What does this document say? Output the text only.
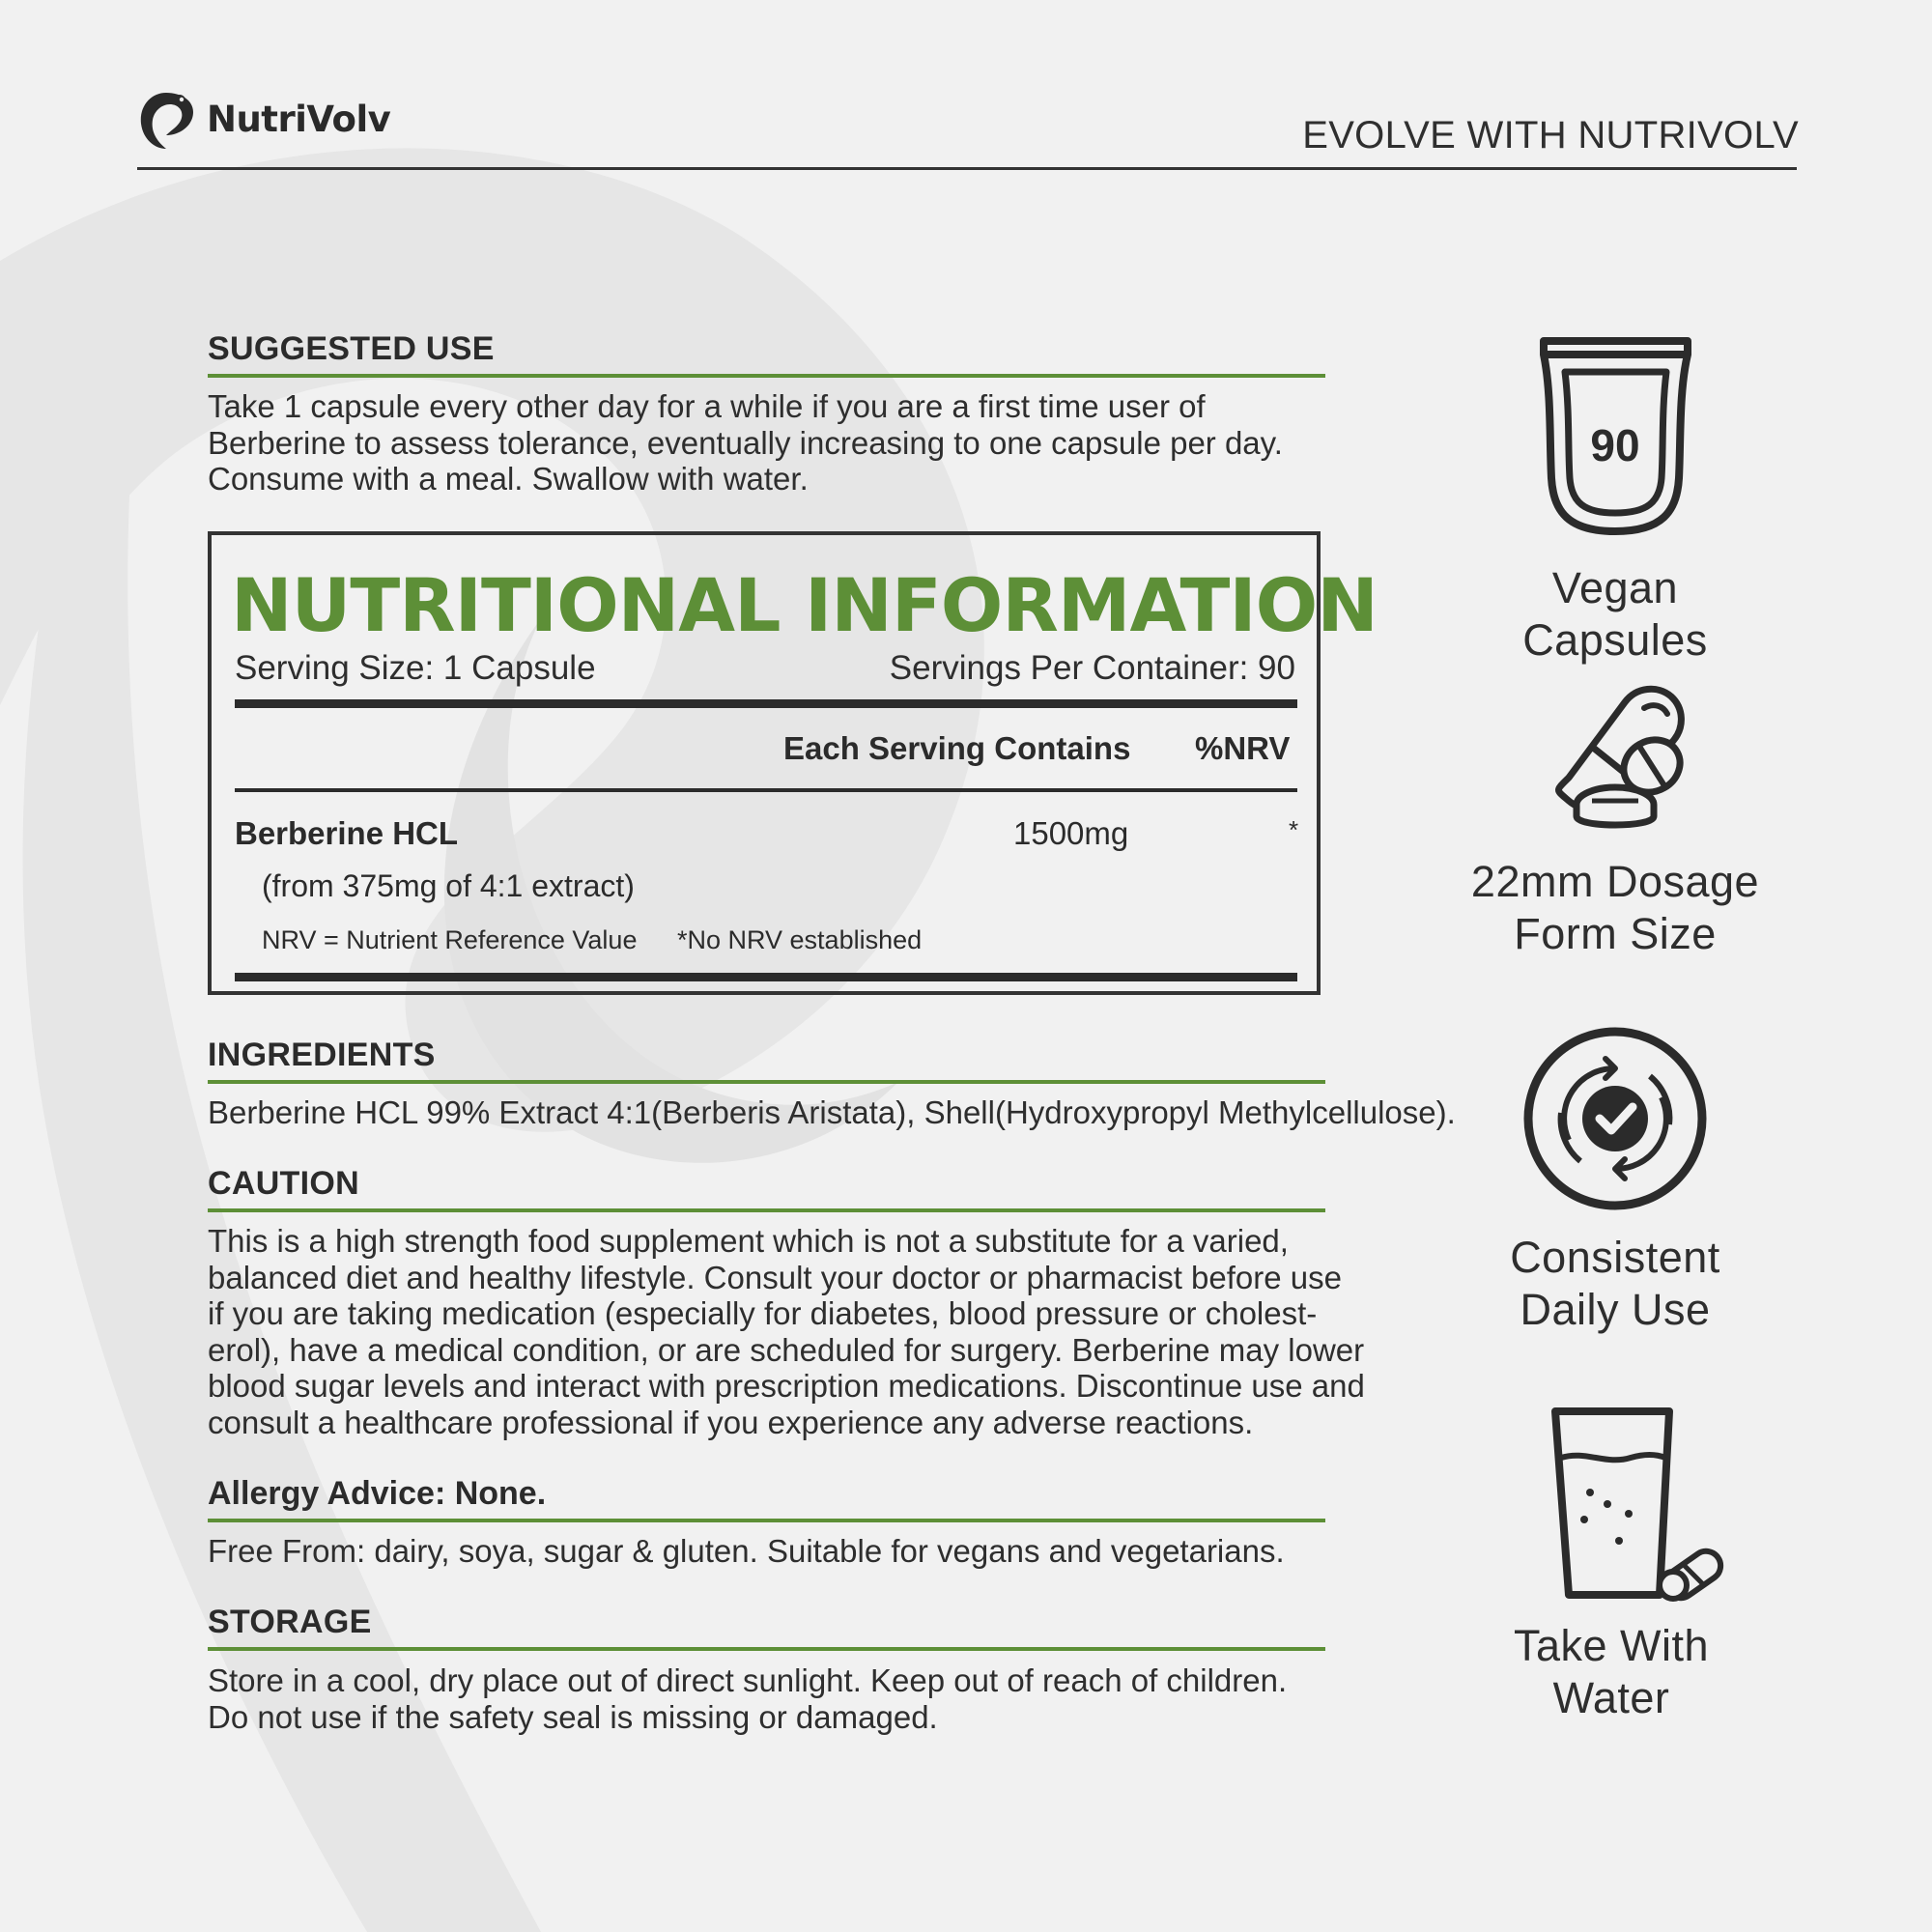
NutriVolv	EVOLVE WITH NUTRIVOLV
SUGGESTED USE
Take 1 capsule every other day for a while if you are a first time user of
Berberine to assess tolerance, eventually increasing to one capsule per day.
Consume with a meal. Swallow with water.
NUTRITIONAL INFORMATION
Serving Size: 1 Capsule	Servings Per Container: 90
Each Serving Contains %NRV
Berberine HCL	1500mg	*
(from 375mg of 4:1 extract)
NRV = Nutrient Reference Value *No NRV established
INGREDIENTS
Berberine HCL 99% Extract 4:1(Berberis Aristata), Shell(Hydroxypropyl Methylcellulose).
CAUTION
This is a high strength food supplement which is not a substitute for a varied,
balanced diet and healthy lifestyle. Consult your doctor or pharmacist before use
if you are taking medication (especially for diabetes, blood pressure or cholest-
erol), have a medical condition, or are scheduled for surgery. Berberine may lower
blood sugar levels and interact with prescription medications. Discontinue use and
consult a healthcare professional if you experience any adverse reactions.
Allergy Advice: None.
Free From: dairy, soya, sugar & gluten. Suitable for vegans and vegetarians.
STORAGE
Store in a cool, dry place out of direct sunlight. Keep out of reach of children.
Do not use if the safety seal is missing or damaged.
90
Vegan
Capsules
22mm Dosage
Form Size
Consistent
Daily Use
Take With
Water
